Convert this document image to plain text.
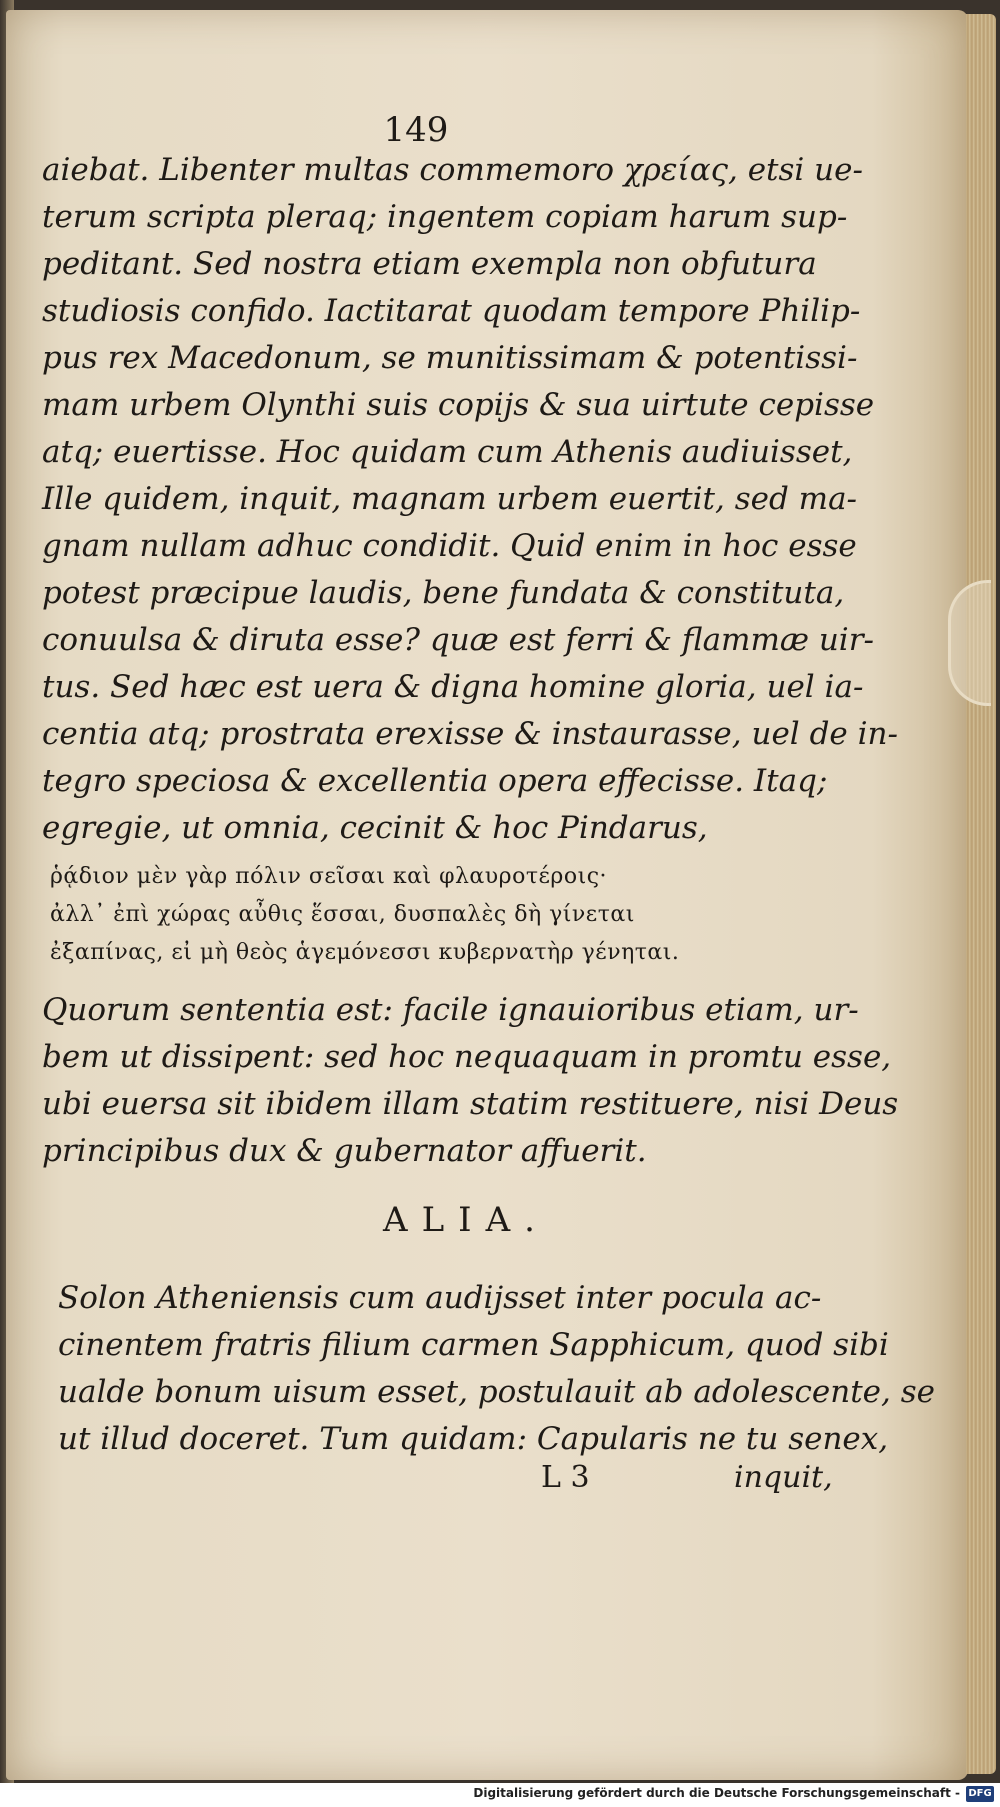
149
aiebat. Libenter multas commemoro χρείας, etsi ue-
terum scripta pleraq; ingentem copiam harum sup-
peditant. Sed nostra etiam exempla non obfutura
studiosis confido. Iactitarat quodam tempore Philip-
pus rex Macedonum, se munitissimam & potentissi-
mam urbem Olynthi suis copijs & sua uirtute cepisse
atq; euertisse. Hoc quidam cum Athenis audiuisset,
Ille quidem, inquit, magnam urbem euertit, sed ma-
gnam nullam adhuc condidit. Quid enim in hoc esse
potest præcipue laudis, bene fundata & constituta,
conuulsa & diruta esse? quæ est ferri & flammæ uir-
tus. Sed hæc est uera & digna homine gloria, uel ia-
centia atq; prostrata erexisse & instaurasse, uel de in-
tegro speciosa & excellentia opera effecisse. Itaq;
egregie, ut omnia, cecinit & hoc Pindarus,
ῥᾴδιον μὲν γὰρ πόλιν σεῖσαι καὶ φλαυροτέροις·
ἀλλ᾽ ἐπὶ χώρας αὖθις ἕσσαι, δυσπαλὲς δὴ γίνεται
ἐξαπίνας, εἰ μὴ θεὸς ἁγεμόνεσσι κυβερνατὴρ γένηται.
Quorum sententia est: facile ignauioribus etiam, ur-
bem ut dissipent: sed hoc nequaquam in promtu esse,
ubi euersa sit ibidem illam statim restituere, nisi Deus
principibus dux & gubernator affuerit.
Solon Atheniensis cum audijsset inter pocula ac-
cinentem fratris filium carmen Sapphicum, quod sibi
ualde bonum uisum esset, postulauit ab adolescente, se
ut illud doceret. Tum quidam: Capularis ne tu senex,
ALIA.
L 3	inquit,
Digitalisierung gefördert durch die Deutsche Forschungsgemeinschaft - DFG
